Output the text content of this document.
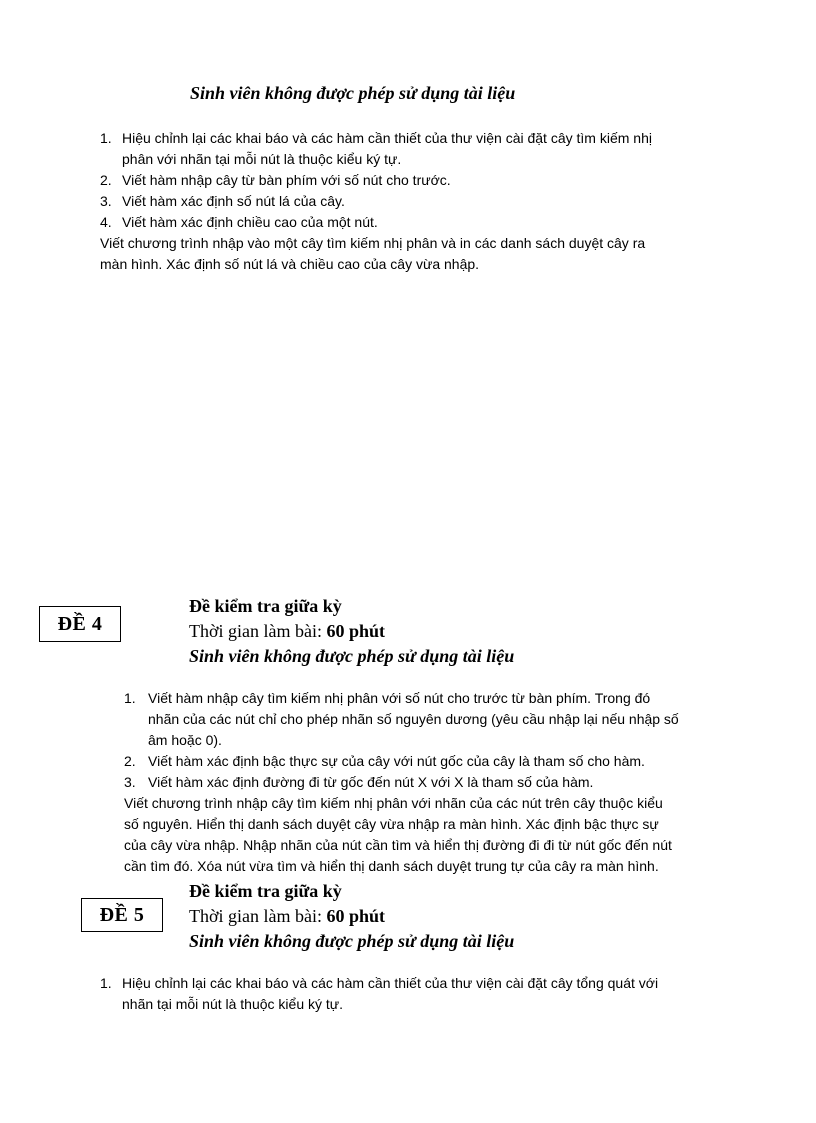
Sinh viên không được phép sử dụng tài liệu
1. Hiệu chỉnh lại các khai báo và các hàm cần thiết của thư viện cài đặt cây tìm kiếm nhị
phân với nhãn tại mỗi nút là thuộc kiểu ký tự.
2. Viết hàm nhập cây từ bàn phím với số nút cho trước.
3. Viết hàm xác định số nút lá của cây.
4. Viết hàm xác định chiều cao của một nút.
Viết chương trình nhập vào một cây tìm kiếm nhị phân và in các danh sách duyệt cây ra
màn hình. Xác định số nút lá và chiều cao của cây vừa nhập.
ĐỀ 4
Đề kiểm tra giữa kỳ
Thời gian làm bài: 60 phút
Sinh viên không được phép sử dụng tài liệu
1. Viết hàm nhập cây tìm kiếm nhị phân với số nút cho trước từ bàn phím. Trong đó
nhãn của các nút chỉ cho phép nhãn số nguyên dương (yêu cầu nhập lại nếu nhập số
âm hoặc 0).
2. Viết hàm xác định bậc thực sự của cây với nút gốc của cây là tham số cho hàm.
3. Viết hàm xác định đường đi từ gốc đến nút X với X là tham số của hàm.
Viết chương trình nhập cây tìm kiếm nhị phân với nhãn của các nút trên cây thuộc kiểu
số nguyên. Hiển thị danh sách duyệt cây vừa nhập ra màn hình. Xác định bậc thực sự
của cây vừa nhập. Nhập nhãn của nút cần tìm và hiển thị đường đi đi từ nút gốc đến nút
cần tìm đó. Xóa nút vừa tìm và hiển thị danh sách duyệt trung tự của cây ra màn hình.
ĐỀ 5
Đề kiểm tra giữa kỳ
Thời gian làm bài: 60 phút
Sinh viên không được phép sử dụng tài liệu
1. Hiệu chỉnh lại các khai báo và các hàm cần thiết của thư viện cài đặt cây tổng quát với
nhãn tại mỗi nút là thuộc kiểu ký tự.
